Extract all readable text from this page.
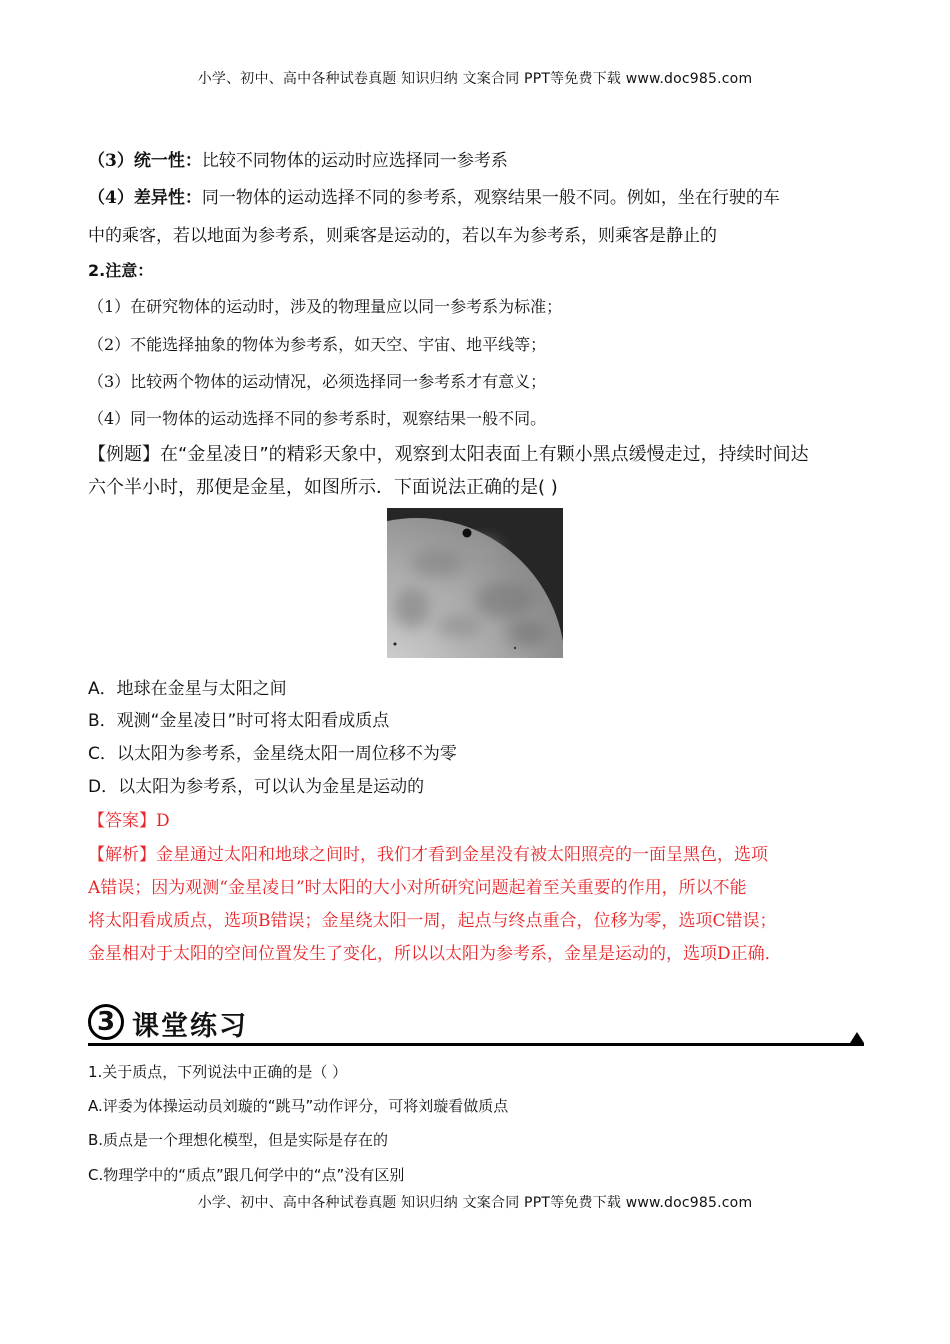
小学、初中、高中各种试卷真题 知识归纳 文案合同 PPT等免费下载 www.doc985.com
（3）统一性：比较不同物体的运动时应选择同一参考系
（4）差异性：同一物体的运动选择不同的参考系，观察结果一般不同。例如，坐在行驶的车
中的乘客，若以地面为参考系，则乘客是运动的，若以车为参考系，则乘客是静止的
2.注意：
（1）在研究物体的运动时，涉及的物理量应以同一参考系为标准；
（2）不能选择抽象的物体为参考系，如天空、宇宙、地平线等；
（3）比较两个物体的运动情况，必须选择同一参考系才有意义；
（4）同一物体的运动选择不同的参考系时，观察结果一般不同。
【例题】在“金星凌日”的精彩天象中，观察到太阳表面上有颗小黑点缓慢走过，持续时间达
六个半小时，那便是金星，如图所示．下面说法正确的是( )
A．地球在金星与太阳之间
B．观测“金星凌日”时可将太阳看成质点
C．以太阳为参考系，金星绕太阳一周位移不为零
D．以太阳为参考系，可以认为金星是运动的
【答案】D
【解析】金星通过太阳和地球之间时，我们才看到金星没有被太阳照亮的一面呈黑色，选项
A错误；因为观测“金星凌日”时太阳的大小对所研究问题起着至关重要的作用，所以不能
将太阳看成质点，选项B错误；金星绕太阳一周，起点与终点重合，位移为零，选项C错误；
金星相对于太阳的空间位置发生了变化，所以以太阳为参考系，金星是运动的，选项D正确．
3 课堂练习
1.关于质点，下列说法中正确的是（ ）
A.评委为体操运动员刘璇的“跳马”动作评分，可将刘璇看做质点
B.质点是一个理想化模型，但是实际是存在的
C.物理学中的“质点”跟几何学中的“点”没有区别
小学、初中、高中各种试卷真题 知识归纳 文案合同 PPT等免费下载 www.doc985.com
